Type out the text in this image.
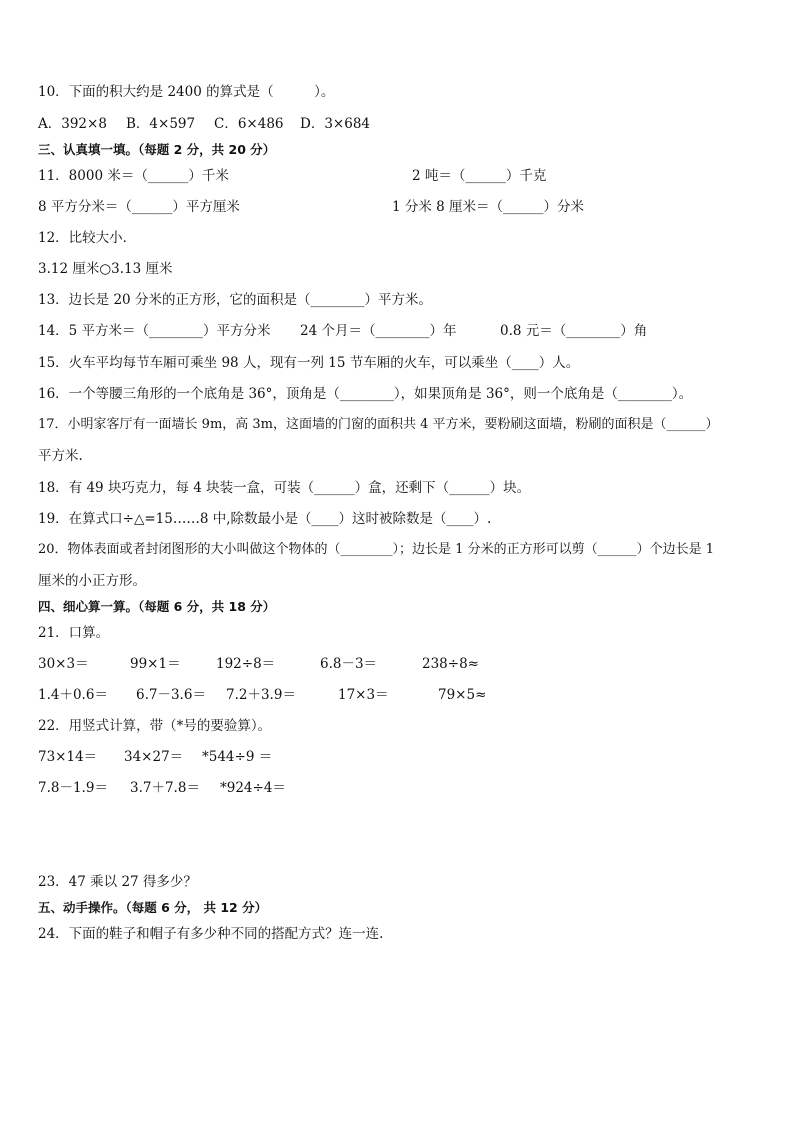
10．下面的积大约是 2400 的算式是（　　　）。
A．392×8 B．4×597 C．6×486 D．3×684
三、认真填一填。（每题 2 分，共 20 分）
11．8000 米＝（______）千米	2 吨＝（______）千克
8 平方分米＝（______）平方厘米	1 分米 8 厘米＝（______）分米
12．比较大小．
3.12 厘米○3.13 厘米
13．边长是 20 分米的正方形，它的面积是（________）平方米。
14．5 平方米＝（________）平方分米 24 个月＝（________）年	0.8 元＝（________）角
15．火车平均每节车厢可乘坐 98 人，现有一列 15 节车厢的火车，可以乘坐（____）人。
16．一个等腰三角形的一个底角是 36°，顶角是（________），如果顶角是 36°，则一个底角是（________）。
17．小明家客厅有一面墙长 9m，高 3m，这面墙的门窗的面积共 4 平方米，要粉刷这面墙，粉刷的面积是（______）
平方米.
18．有 49 块巧克力，每 4 块装一盒，可装（______）盒，还剩下（______）块。
19．在算式口÷△=15……8 中,除数最小是（____）这时被除数是（____）.
20．物体表面或者封闭图形的大小叫做这个物体的（________）；边长是 1 分米的正方形可以剪（______）个边长是 1
厘米的小正方形。
四、细心算一算。（每题 6 分，共 18 分）
21．口算。
30×3＝	99×1＝	192÷8＝	6.8－3＝	238÷8≈
1.4＋0.6＝ 6.7－3.6＝ 7.2＋3.9＝	17×3＝	79×5≈
22．用竖式计算，带（*号的要验算）。
73×14＝ 34×27＝ *544÷9 ＝
7.8－1.9＝ 3.7＋7.8＝ *924÷4＝
23．47 乘以 27 得多少？
五、动手操作。（每题 6 分， 共 12 分）
24．下面的鞋子和帽子有多少种不同的搭配方式？连一连.
